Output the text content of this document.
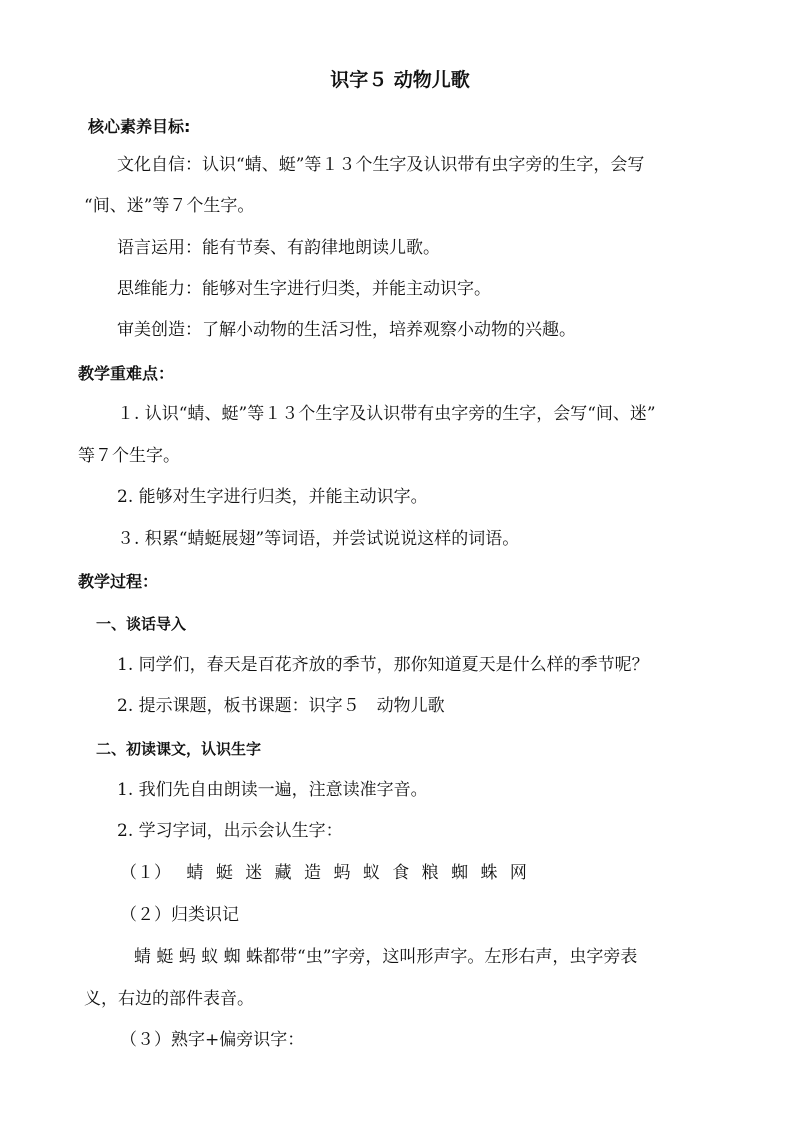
识字５ 动物儿歌
核心素养目标:
文化自信：认识“蜻、蜓”等１３个生字及认识带有虫字旁的生字，会写
“间、迷”等７个生字。
语言运用：能有节奏、有韵律地朗读儿歌。
思维能力：能够对生字进行归类，并能主动识字。
审美创造：了解小动物的生活习性，培养观察小动物的兴趣。
教学重难点：
１. 认识“蜻、蜓”等１３个生字及认识带有虫字旁的生字，会写“间、迷”
等７个生字。
2. 能够对生字进行归类，并能主动识字。
３. 积累“蜻蜓展翅”等词语，并尝试说说这样的词语。
教学过程：
一、谈话导入
1. 同学们，春天是百花齐放的季节，那你知道夏天是什么样的季节呢？
2. 提示课题，板书课题：识字５　动物儿歌
二、初读课文，认识生字
1. 我们先自由朗读一遍，注意读准字音。
2. 学习字词，出示会认生字：
（１） 蜻 蜓 迷 藏 造 蚂 蚁 食 粮 蜘 蛛 网
（２）归类识记
蜻 蜓 蚂 蚁 蜘 蛛都带“虫”字旁，这叫形声字。左形右声，虫字旁表
义，右边的部件表音。
（３）熟字+偏旁识字：
